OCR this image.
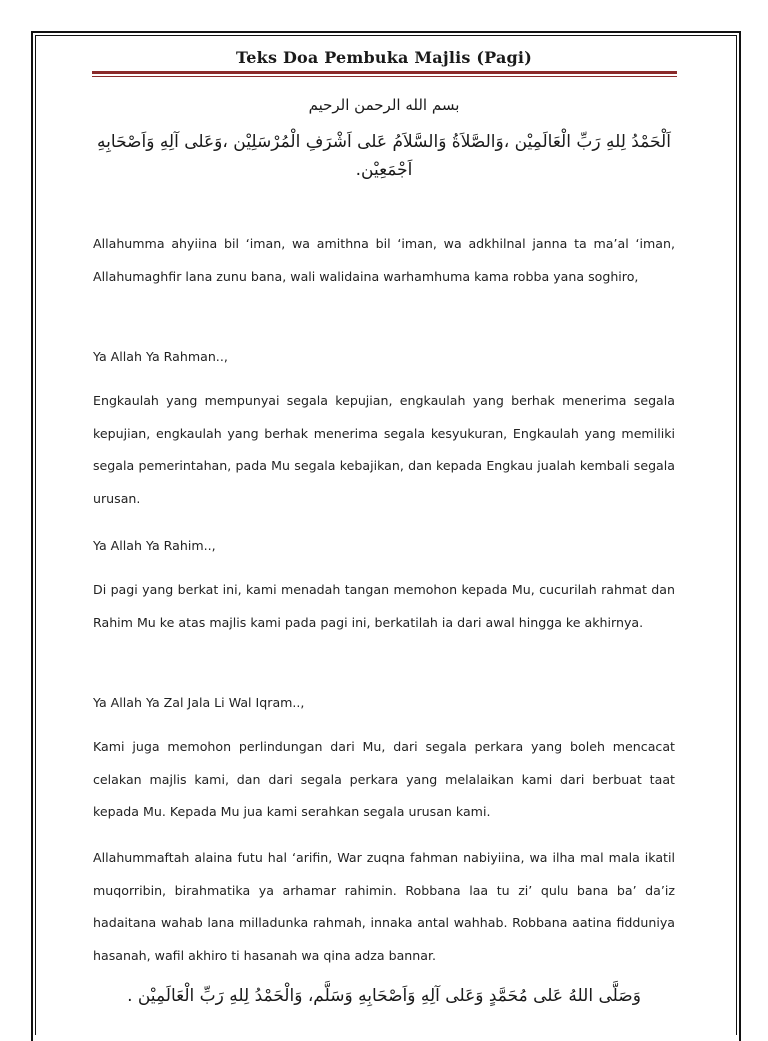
Teks Doa Pembuka Majlis (Pagi)
بسم الله الرحمن الرحيم
اَلْحَمْدُ لِلهِ رَبِّ الْعَالَمِيْن ،وَالصَّلاَةُ وَالسَّلاَمُ عَلى اَشْرَفِ الْمُرْسَلِيْن ،وَعَلى آلِهِ وَاَصْحَابِهِ اَجْمَعِيْن.

Allahumma ahyiina bil ‘iman, wa amithna bil ‘iman, wa adkhilnal janna ta ma’al ‘iman, Allahumaghfir lana zunu bana, wali walidaina warhamhuma kama robba yana soghiro,

Ya Allah Ya Rahman..,

Engkaulah yang mempunyai segala kepujian, engkaulah yang berhak menerima segala kepujian, engkaulah yang berhak menerima segala kesyukuran, Engkaulah yang memiliki segala pemerintahan, pada Mu segala kebajikan, dan kepada Engkau jualah kembali segala urusan.

Ya Allah Ya Rahim..,

Di pagi yang berkat ini, kami menadah tangan memohon kepada Mu, cucurilah rahmat dan Rahim Mu ke atas majlis kami pada pagi ini, berkatilah ia dari awal hingga ke akhirnya.

Ya Allah Ya Zal Jala Li Wal Iqram..,

Kami juga memohon perlindungan dari Mu, dari segala perkara yang boleh mencacat celakan majlis kami, dan dari segala perkara yang melalaikan kami dari berbuat taat kepada Mu. Kepada Mu jua kami serahkan segala urusan kami.

Allahummaftah alaina futu hal ‘arifin, War zuqna fahman nabiyiina, wa ilha mal mala ikatil muqorribin, birahmatika ya arhamar rahimin. Robbana laa tu zi’ qulu bana ba’ da’iz hadaitana wahab lana milladunka rahmah, innaka antal wahhab. Robbana aatina fidduniya hasanah, wafil akhiro ti hasanah wa qina adza bannar.

وَصَلَّى اللهُ عَلى مُحَمَّدٍ وَعَلى آلِهِ وَاَصْحَابِهِ وَسَلَّم، وَالْحَمْدُ لِلهِ رَبِّ الْعَالَمِيْن .
